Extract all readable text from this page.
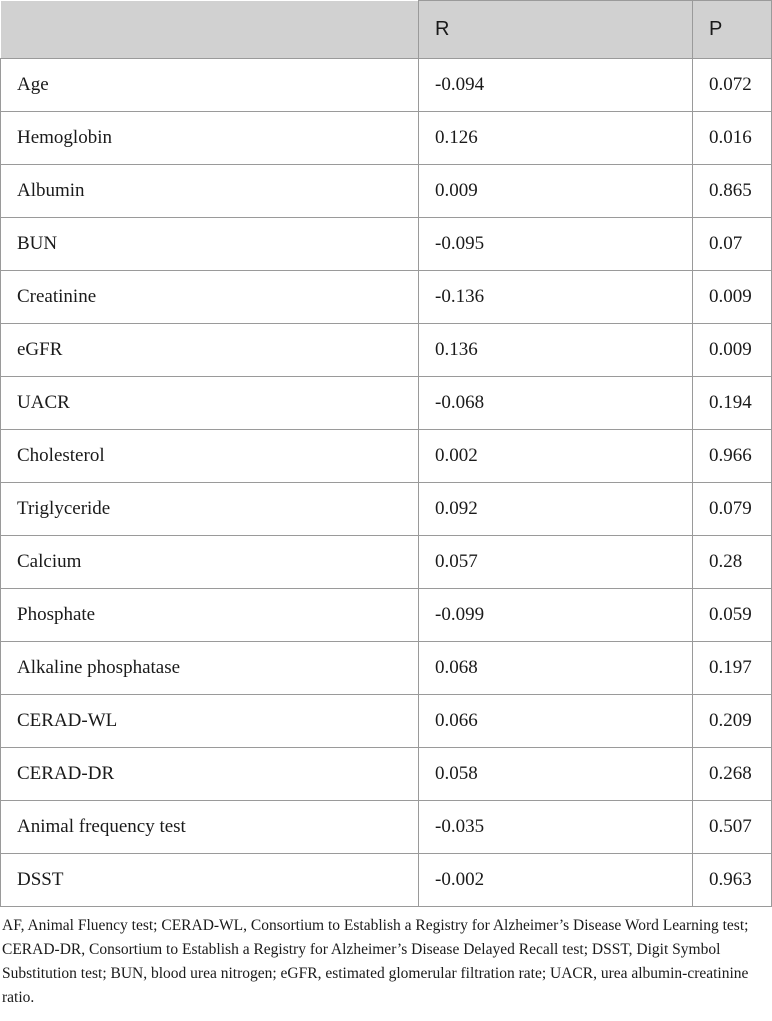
	R	P
Age	-0.094	0.072
Hemoglobin	0.126	0.016
Albumin	0.009	0.865
BUN	-0.095	0.07
Creatinine	-0.136	0.009
eGFR	0.136	0.009
UACR	-0.068	0.194
Cholesterol	0.002	0.966
Triglyceride	0.092	0.079
Calcium	0.057	0.28
Phosphate	-0.099	0.059
Alkaline phosphatase	0.068	0.197
CERAD-WL	0.066	0.209
CERAD-DR	0.058	0.268
Animal frequency test	-0.035	0.507
DSST	-0.002	0.963

AF, Animal Fluency test; CERAD-WL, Consortium to Establish a Registry for Alzheimer’s Disease Word Learning test; CERAD-DR, Consortium to Establish a Registry for Alzheimer’s Disease Delayed Recall test; DSST, Digit Symbol Substitution test; BUN, blood urea nitrogen; eGFR, estimated glomerular filtration rate; UACR, urea albumin-creatinine ratio.
